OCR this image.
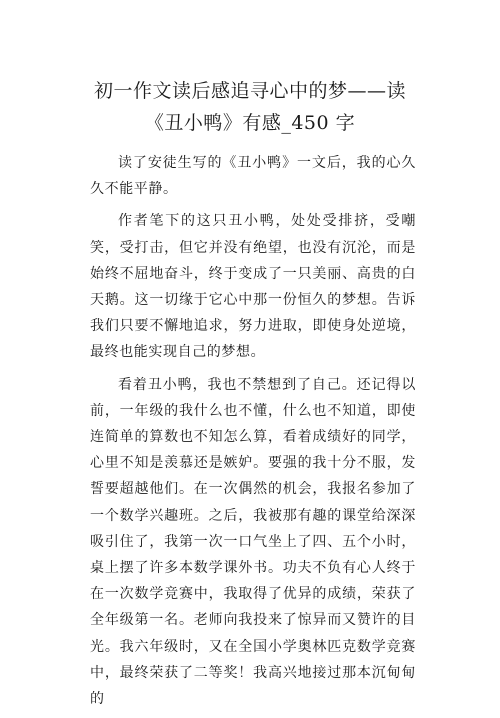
初一作文读后感追寻心中的梦——读
《丑小鸭》有感_450 字

读了安徒生写的《丑小鸭》一文后，我的心久久不能平静。

作者笔下的这只丑小鸭，处处受排挤，受嘲笑，受打击，但它并没有绝望，也没有沉沦，而是始终不屈地奋斗，终于变成了一只美丽、高贵的白天鹅。这一切缘于它心中那一份恒久的梦想。告诉我们只要不懈地追求，努力进取，即使身处逆境，最终也能实现自己的梦想。

看着丑小鸭，我也不禁想到了自己。还记得以前，一年级的我什么也不懂，什么也不知道，即使连简单的算数也不知怎么算，看着成绩好的同学，心里不知是羡慕还是嫉妒。要强的我十分不服，发誓要超越他们。在一次偶然的机会，我报名参加了一个数学兴趣班。之后，我被那有趣的课堂给深深吸引住了，我第一次一口气坐上了四、五个小时，桌上摆了许多本数学课外书。功夫不负有心人终于在一次数学竞赛中，我取得了优异的成绩，荣获了全年级第一名。老师向我投来了惊异而又赞许的目光。我六年级时，又在全国小学奥林匹克数学竞赛中，最终荣获了二等奖！我高兴地接过那本沉甸甸的
